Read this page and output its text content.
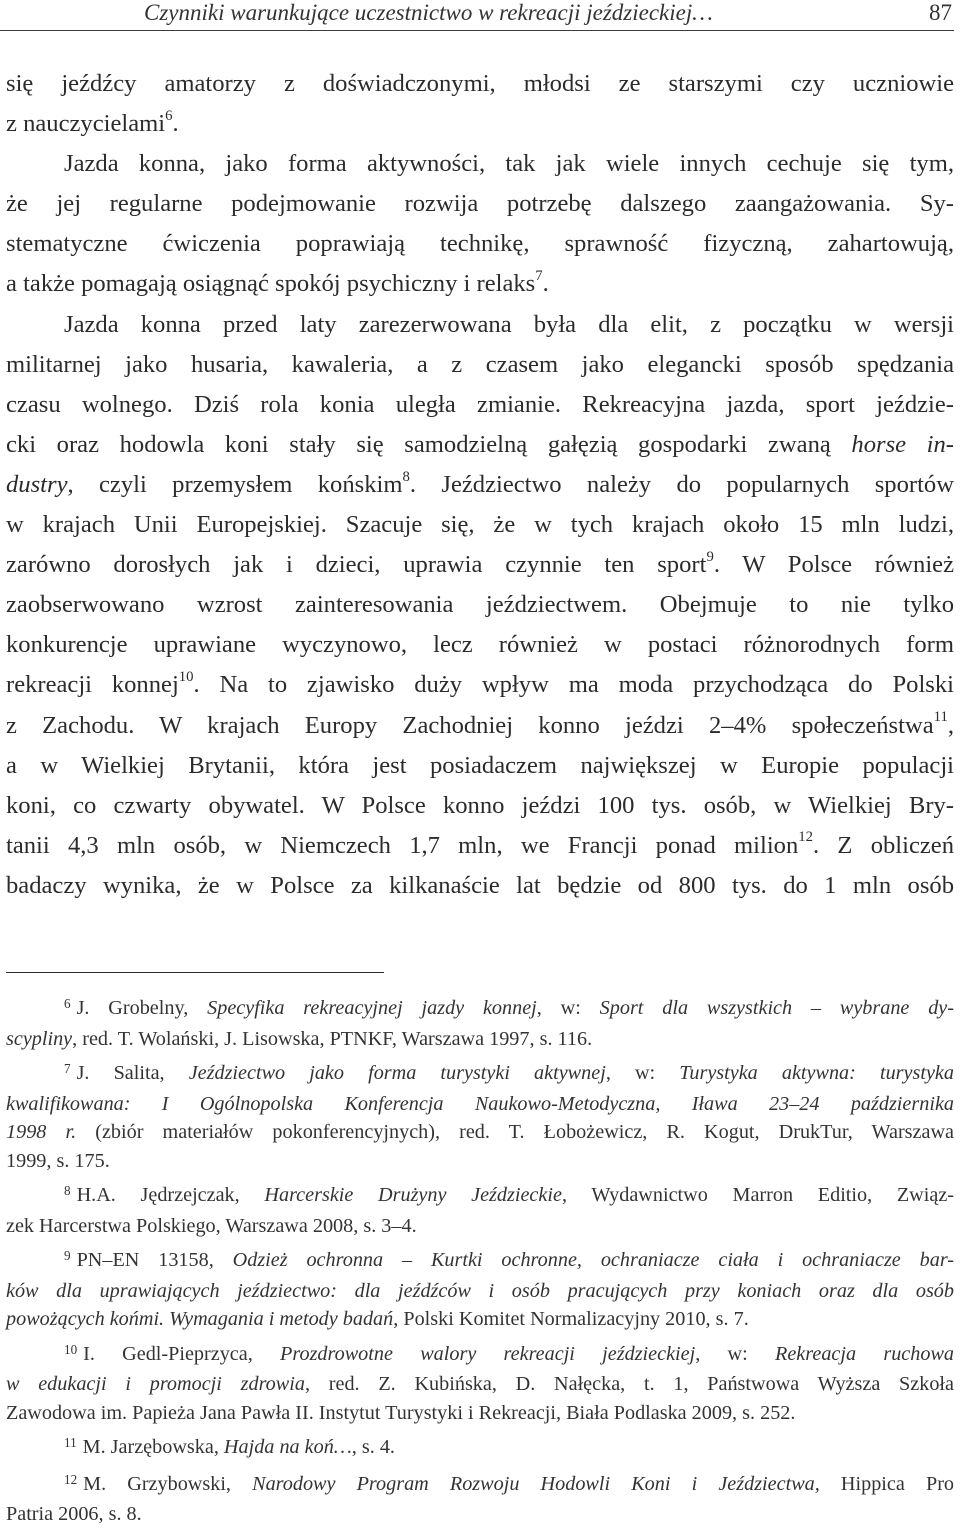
Czynniki warunkujące uczestnictwo w rekreacji jeździeckiej…	87

się jeźdźcy amatorzy z doświadczonymi, młodsi ze starszymi czy uczniowie
z nauczycielami$^6$.

Jazda konna, jako forma aktywności, tak jak wiele innych cechuje się tym,
że jej regularne podejmowanie rozwija potrzebę dalszego zaangażowania. Sy-
stematyczne ćwiczenia poprawiają technikę, sprawność fizyczną, zahartowują,
a także pomagają osiągnąć spokój psychiczny i relaks$^7$.

Jazda konna przed laty zarezerwowana była dla elit, z początku w wersji
militarnej jako husaria, kawaleria, a z czasem jako elegancki sposób spędzania
czasu wolnego. Dziś rola konia uległa zmianie. Rekreacyjna jazda, sport jeździe-
cki oraz hodowla koni stały się samodzielną gałęzią gospodarki zwaną horse in-
dustry, czyli przemysłem końskim$^8$. Jeździectwo należy do popularnych sportów
w krajach Unii Europejskiej. Szacuje się, że w tych krajach około 15 mln ludzi,
zarówno dorosłych jak i dzieci, uprawia czynnie ten sport$^9$. W Polsce również
zaobserwowano wzrost zainteresowania jeździectwem. Obejmuje to nie tylko
konkurencje uprawiane wyczynowo, lecz również w postaci różnorodnych form
rekreacji konnej$^{10}$. Na to zjawisko duży wpływ ma moda przychodząca do Polski
z Zachodu. W krajach Europy Zachodniej konno jeździ 2–4% społeczeństwa$^{11}$,
a w Wielkiej Brytanii, która jest posiadaczem największej w Europie populacji
koni, co czwarty obywatel. W Polsce konno jeździ 100 tys. osób, w Wielkiej Bry-
tanii 4,3 mln osób, w Niemczech 1,7 mln, we Francji ponad milion$^{12}$. Z obliczeń
badaczy wynika, że w Polsce za kilkanaście lat będzie od 800 tys. do 1 mln osób

$^6$ J. Grobelny, Specyfika rekreacyjnej jazdy konnej, w: Sport dla wszystkich – wybrane dy-
scypliny, red. T. Wolański, J. Lisowska, PTNKF, Warszawa 1997, s. 116.
$^7$ J. Salita, Jeździectwo jako forma turystyki aktywnej, w: Turystyka aktywna: turystyka
kwalifikowana: I Ogólnopolska Konferencja Naukowo-Metodyczna, Iława 23–24 października
1998 r. (zbiór materiałów pokonferencyjnych), red. T. Łobożewicz, R. Kogut, DrukTur, Warszawa
1999, s. 175.
$^8$ H.A. Jędrzejczak, Harcerskie Drużyny Jeździeckie, Wydawnictwo Marron Editio, Związ-
zek Harcerstwa Polskiego, Warszawa 2008, s. 3–4.
$^9$ PN–EN 13158, Odzież ochronna – Kurtki ochronne, ochraniacze ciała i ochraniacze bar-
ków dla uprawiających jeździectwo: dla jeźdźców i osób pracujących przy koniach oraz dla osób
powożących końmi. Wymagania i metody badań, Polski Komitet Normalizacyjny 2010, s. 7.
$^{10}$ I. Gedl-Pieprzyca, Prozdrowotne walory rekreacji jeździeckiej, w: Rekreacja ruchowa
w edukacji i promocji zdrowia, red. Z. Kubińska, D. Nałęcka, t. 1, Państwowa Wyższa Szkoła
Zawodowa im. Papieża Jana Pawła II. Instytut Turystyki i Rekreacji, Biała Podlaska 2009, s. 252.
$^{11}$ M. Jarzębowska, Hajda na koń…, s. 4.
$^{12}$ M. Grzybowski, Narodowy Program Rozwoju Hodowli Koni i Jeździectwa, Hippica Pro
Patria 2006, s. 8.
